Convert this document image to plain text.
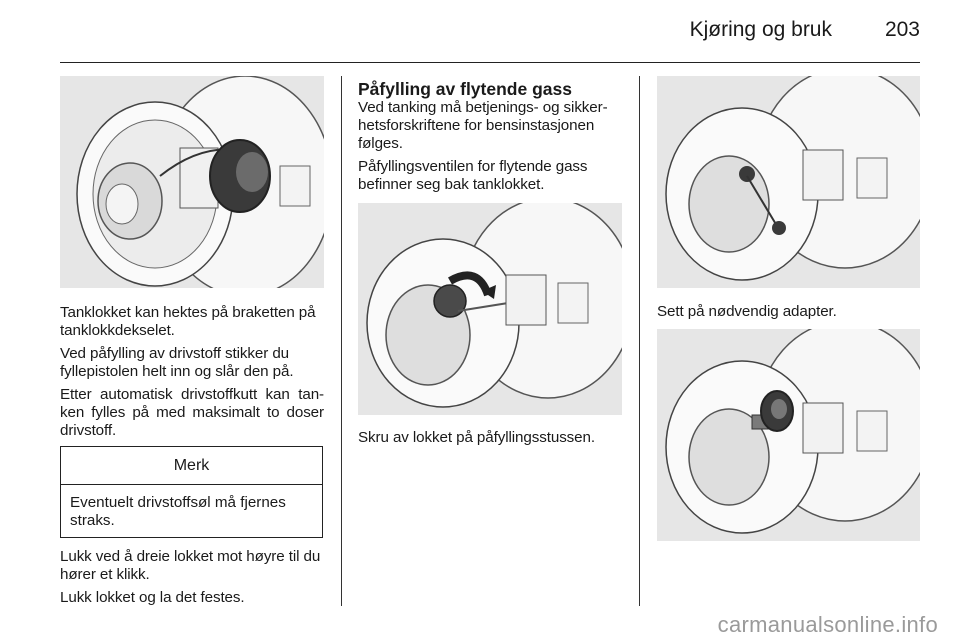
Kjøring og bruk	203

Tanklokket kan hektes på braketten på tanklokkdekselet.

Ved påfylling av drivstoff stikker du fyllepistolen helt inn og slår den på.

Etter automatisk drivstoffkutt kan tan- ken fylles på med maksimalt to doser drivstoff.

Merk
Eventuelt drivstoffsøl må fjernes straks.

Lukk ved å dreie lokket mot høyre til du hører et klikk.

Lukk lokket og la det festes.

Påfylling av flytende gass

Ved tanking må betjenings- og sikker- hetsforskriftene for bensinstasjonen følges.

Påfyllingsventilen for flytende gass befinner seg bak tanklokket.

Skru av lokket på påfyllingsstussen.

Sett på nødvendig adapter.

carmanualsonline.info
